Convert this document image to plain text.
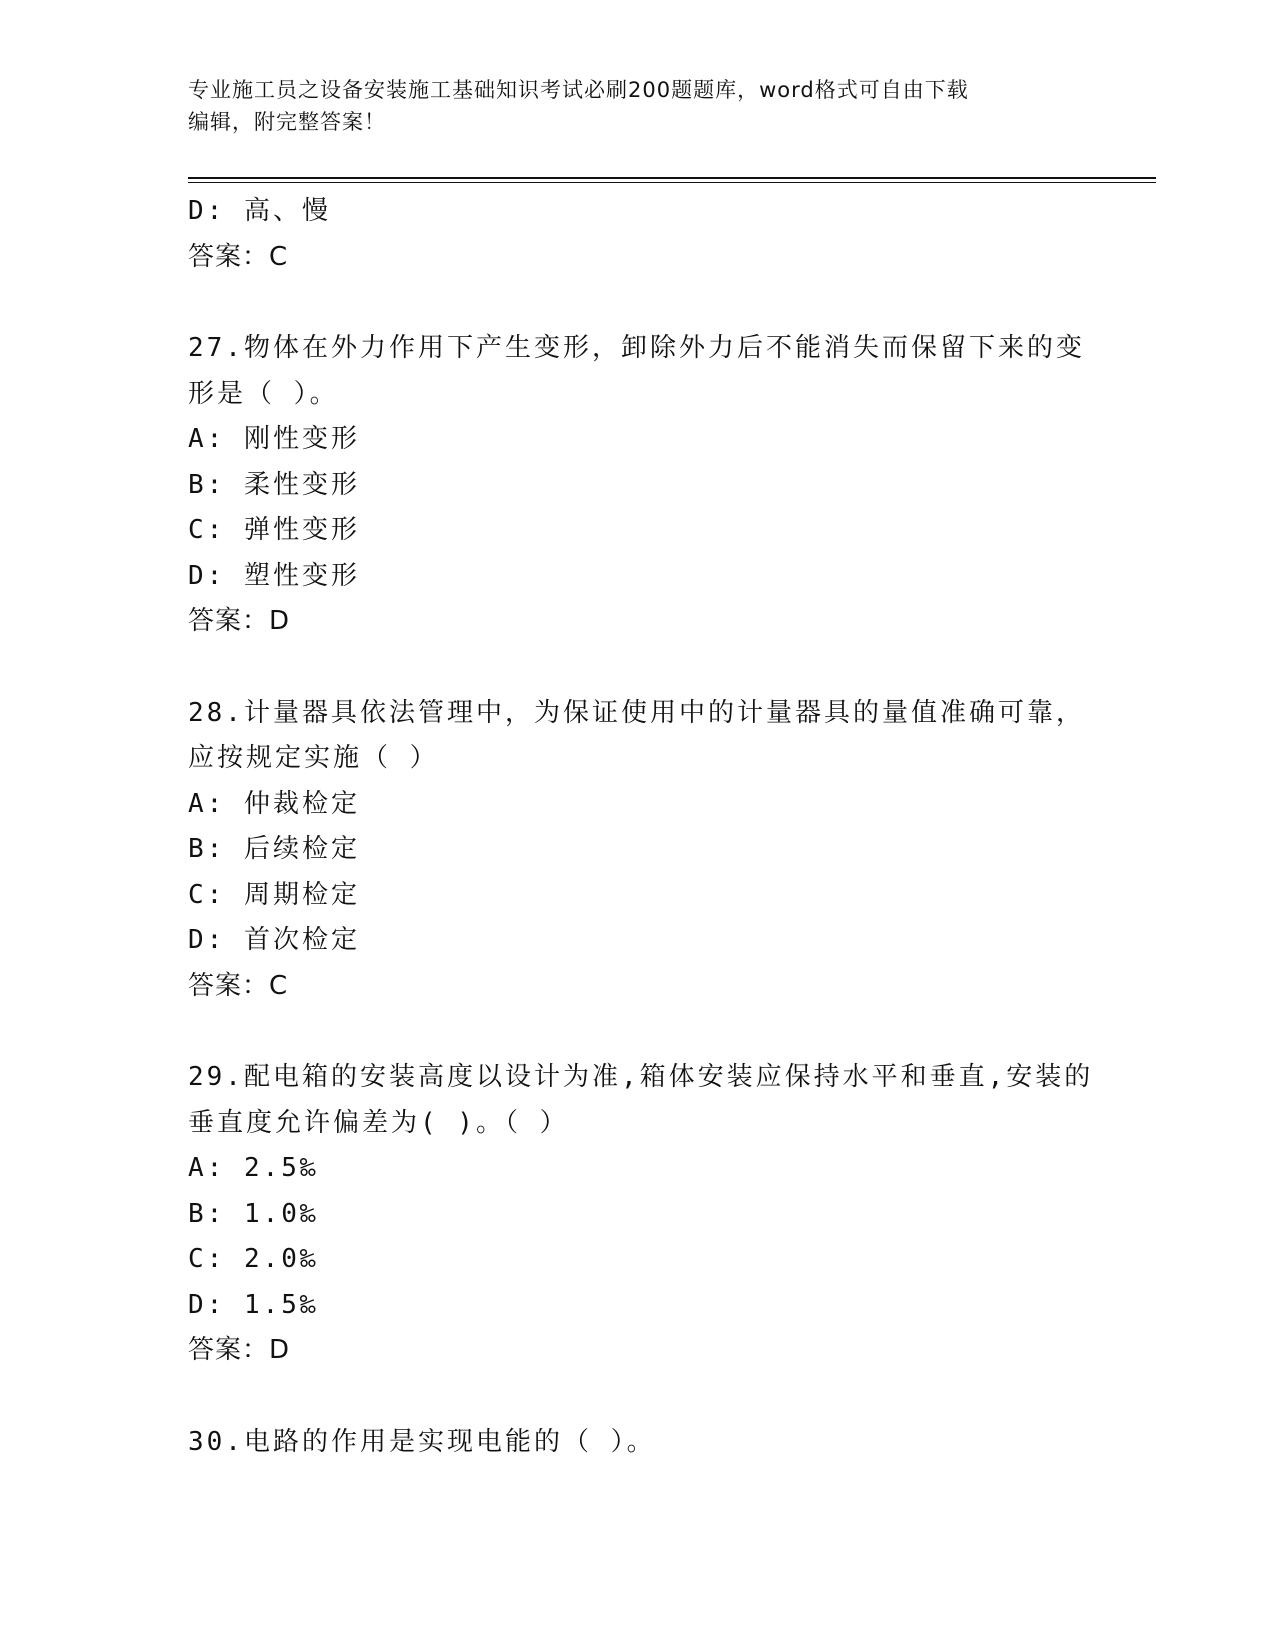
专业施工员之设备安装施工基础知识考试必刷200题题库，word格式可自由下载
编辑，附完整答案！
D: 高、慢
答案：C
27.物体在外力作用下产生变形，卸除外力后不能消失而保留下来的变
形是（ ）。
A: 刚性变形
B: 柔性变形
C: 弹性变形
D: 塑性变形
答案：D
28.计量器具依法管理中，为保证使用中的计量器具的量值准确可靠，
应按规定实施（ ）
A: 仲裁检定
B: 后续检定
C: 周期检定
D: 首次检定
答案：C
29.配电箱的安装高度以设计为准,箱体安装应保持水平和垂直,安装的
垂直度允许偏差为( )。（ ）
A: 2.5‰
B: 1.0‰
C: 2.0‰
D: 1.5‰
答案：D
30.电路的作用是实现电能的（ ）。
